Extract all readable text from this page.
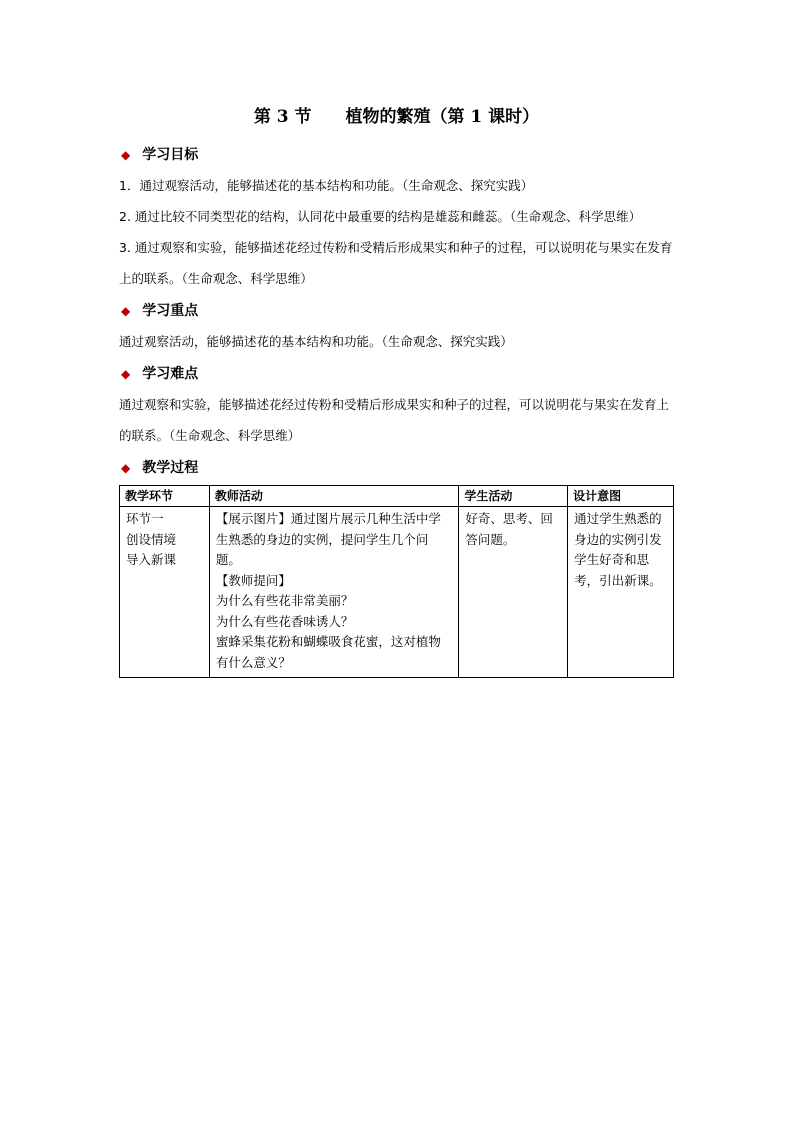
第 3 节 植物的繁殖（第 1 课时）
◆ 学习目标

1．通过观察活动，能够描述花的基本结构和功能。（生命观念、探究实践）

2. 通过比较不同类型花的结构，认同花中最重要的结构是雄蕊和雌蕊。（生命观念、科学思维）

3. 通过观察和实验，能够描述花经过传粉和受精后形成果实和种子的过程，可以说明花与果实在发育上的联系。（生命观念、科学思维）

◆ 学习重点

通过观察活动，能够描述花的基本结构和功能。（生命观念、探究实践）

◆ 学习难点

通过观察和实验，能够描述花经过传粉和受精后形成果实和种子的过程，可以说明花与果实在发育上的联系。（生命观念、科学思维）

◆ 教学过程
教学环节	教师活动	学生活动	设计意图

环节一
创设情境
导入新课	【展示图片】通过图片展示几种生活中学生熟悉的身边的实例，提问学生几个问题。
【教师提问】
为什么有些花非常美丽？
为什么有些花香味诱人？
蜜蜂采集花粉和蝴蝶吸食花蜜，这对植物有什么意义？	好奇、思考、回答问题。	通过学生熟悉的身边的实例引发学生好奇和思考，引出新课。
